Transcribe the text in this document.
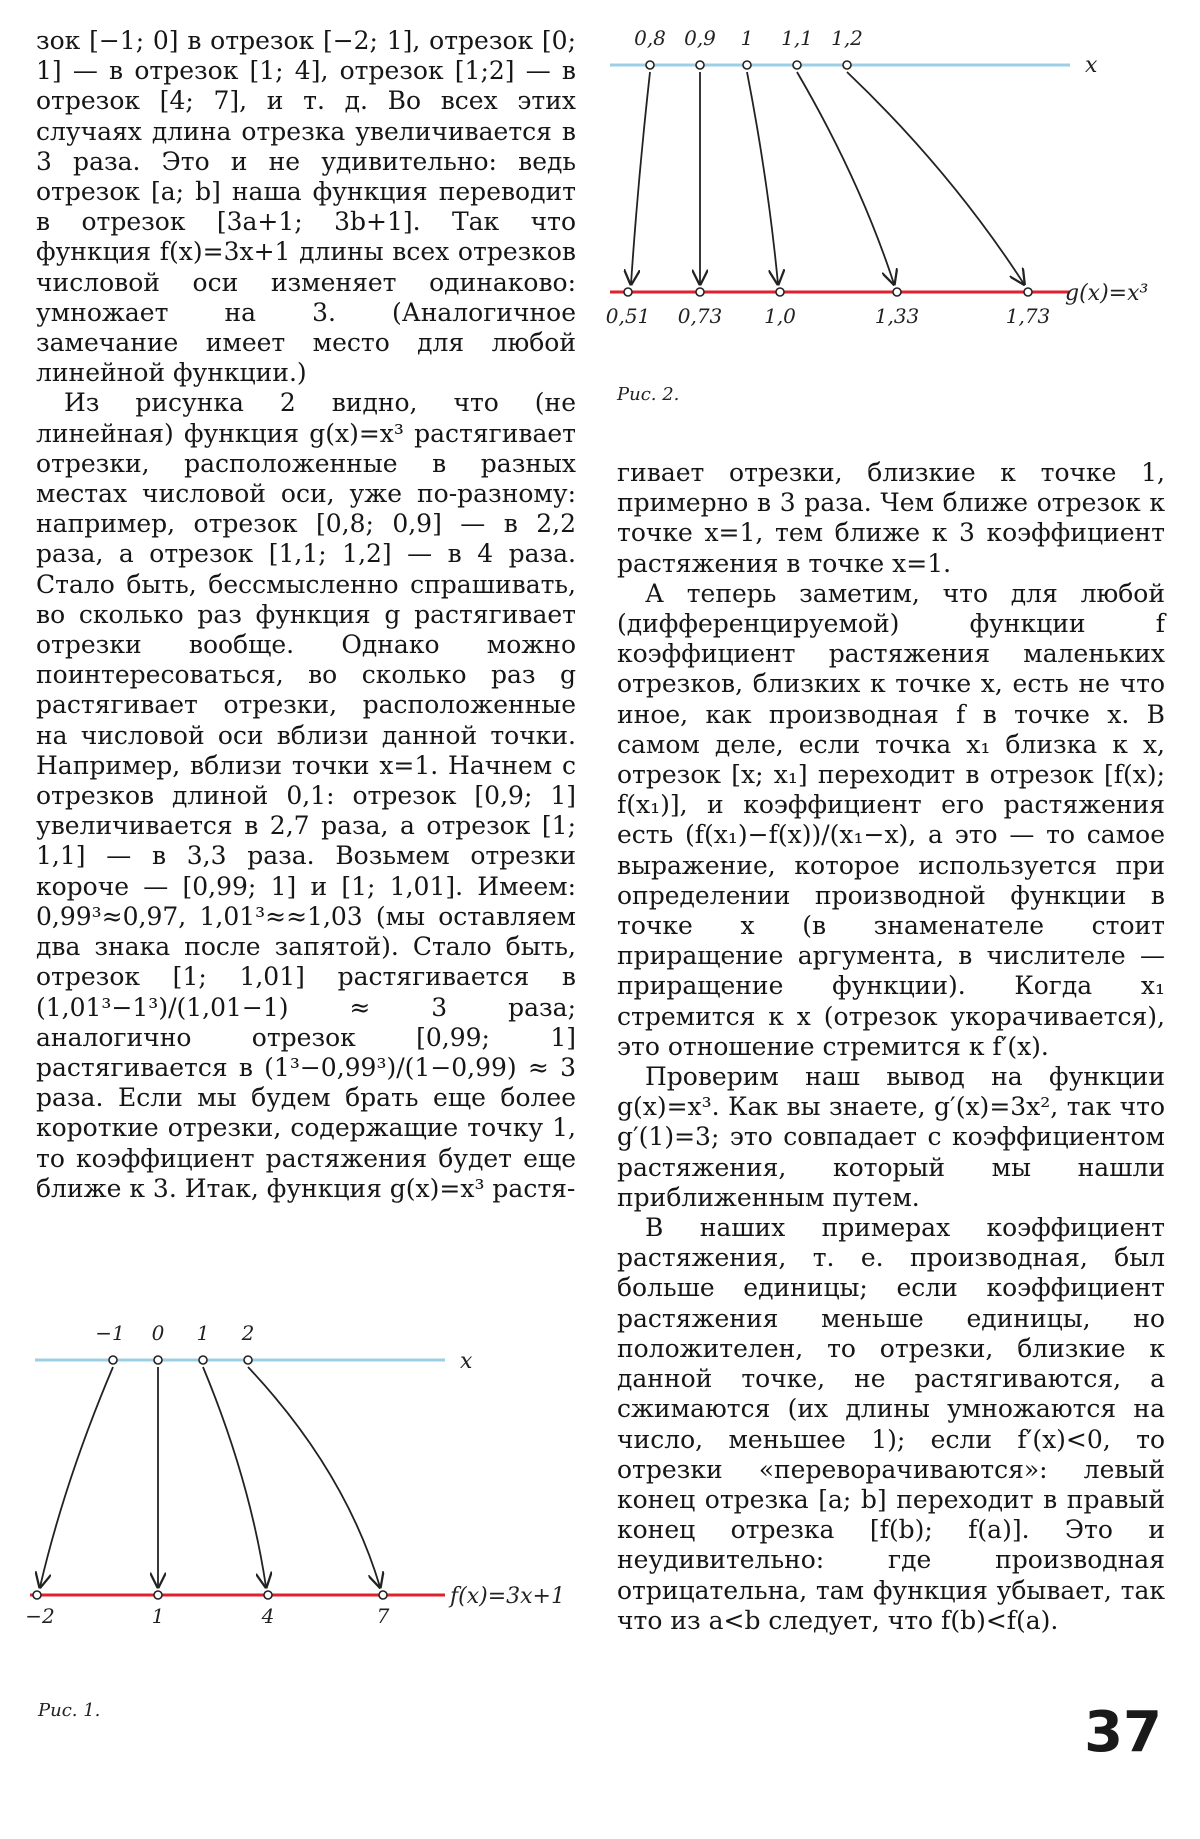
зок [−1; 0] в отрезок [−2; 1], отрезок [0; 1] — в отрезок [1; 4], отрезок [1;2] — в отрезок [4; 7], и т. д. Во всех этих случаях длина отрезка увеличивается в 3 раза. Это и не удивительно: ведь отрезок [a; b] наша функция переводит в отрезок [3a+1; 3b+1]. Так что функция f(x)=3x+1 длины всех отрезков числовой оси изменяет одинаково: умножает на 3. (Аналогичное замечание имеет место для любой линейной функции.)

Из рисунка 2 видно, что (не линейная) функция g(x)=x³ растягивает отрезки, расположенные в разных местах числовой оси, уже по-разному: например, отрезок [0,8; 0,9] — в 2,2 раза, а отрезок [1,1; 1,2] — в 4 раза. Стало быть, бессмысленно спрашивать, во сколько раз функция g растягивает отрезки вообще. Однако можно поинтересоваться, во сколько раз g растягивает отрезки, расположенные на числовой оси вблизи данной точки. Например, вблизи точки x=1. Начнем с отрезков длиной 0,1: отрезок [0,9; 1] увеличивается в 2,7 раза, а отрезок [1; 1,1] — в 3,3 раза. Возьмем отрезки короче — [0,99; 1] и [1; 1,01]. Имеем: 0,99³≈0,97, 1,01³≈≈1,03 (мы оставляем два знака после запятой). Стало быть, отрезок [1; 1,01] растягивается в (1,01³−1³)/(1,01−1) ≈ 3 раза; аналогично отрезок [0,99; 1] растягивается в (1³−0,99³)/(1−0,99) ≈ 3 раза. Если мы будем брать еще более короткие отрезки, содержащие точку 1, то коэффициент растяжения будет еще ближе к 3. Итак, функция g(x)=x³ растя-

гивает отрезки, близкие к точке 1, примерно в 3 раза. Чем ближе отрезок к точке x=1, тем ближе к 3 коэффициент растяжения в точке x=1.

А теперь заметим, что для любой (дифференцируемой) функции f коэффициент растяжения маленьких отрезков, близких к точке x, есть не что иное, как производная f в точке x. В самом деле, если точка x₁ близка к x, отрезок [x; x₁] переходит в отрезок [f(x); f(x₁)], и коэффициент его растяжения есть (f(x₁)−f(x))/(x₁−x), а это — то самое выражение, которое используется при определении производной функции в точке x (в знаменателе стоит приращение аргумента, в числителе — приращение функции). Когда x₁ стремится к x (отрезок укорачивается), это отношение стремится к f′(x).

Проверим наш вывод на функции g(x)=x³. Как вы знаете, g′(x)=3x², так что g′(1)=3; это совпадает с коэффициентом растяжения, который мы нашли приближенным путем.

В наших примерах коэффициент растяжения, т. е. производная, был больше единицы; если коэффициент растяжения меньше единицы, но положителен, то отрезки, близкие к данной точке, не растягиваются, а сжимаются (их длины умножаются на число, меньшее 1); если f′(x)<0, то отрезки «переворачиваются»: левый конец отрезка [a; b] переходит в правый конец отрезка [f(b); f(a)]. Это и неудивительно: где производная отрицательна, там функция убывает, так что из a<b следует, что f(b)<f(a).

x
g(x)=x³
0,8 0,9 1 1,1 1,2
0,51 0,73 1,0	1,33	1,73
Рис. 2.
x
f(x)=3x+1
−1 0 1 2
−2	1	4	7
Рис. 1.	37
